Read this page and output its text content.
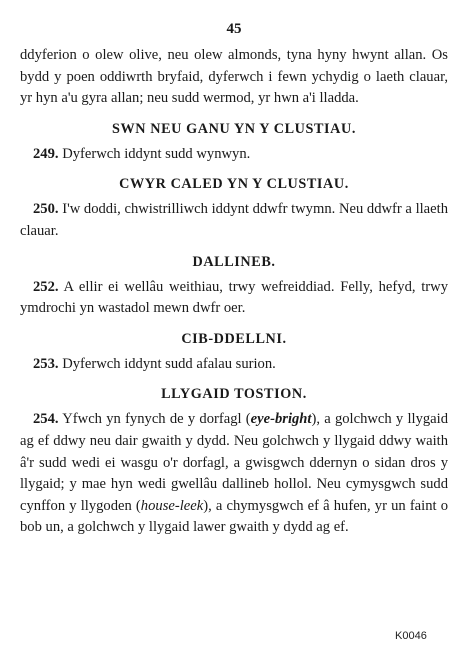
45

ddyferion o olew olive, neu olew almonds, tyna hyny hwynt allan. Os bydd y poen oddiwrth bryfaid, dyferwch i fewn ychydig o laeth clauar, yr hyn a'u gyra allan; neu sudd wermod, yr hwn a'i lladda.

SWN NEU GANU YN Y CLUSTIAU.

249. Dyferwch iddynt sudd wynwyn.

CWYR CALED YN Y CLUSTIAU.

250. I'w doddi, chwistrilliwch iddynt ddwfr twymn. Neu ddwfr a llaeth clauar.

DALLINEB.

252. A ellir ei wellâu weithiau, trwy wefreiddiad. Felly, hefyd, trwy ymdrochi yn wastadol mewn dwfr oer.

CIB-DDELLNI.

253. Dyferwch iddynt sudd afalau surion.

LLYGAID TOSTION.

254. Yfwch yn fynych de y dorfagl (eye-bright), a golchwch y llygaid ag ef ddwy neu dair gwaith y dydd. Neu golchwch y llygaid ddwy waith â'r sudd wedi ei wasgu o'r dorfagl, a gwisgwch ddernyn o sidan dros y llygaid; y mae hyn wedi gwellâu dallineb hollol. Neu cymysgwch sudd cynffon y llygoden (house-leek), a chymysgwch ef â hufen, yr un faint o bob un, a golchwch y llygaid lawer gwaith y dydd ag ef.

K0046
